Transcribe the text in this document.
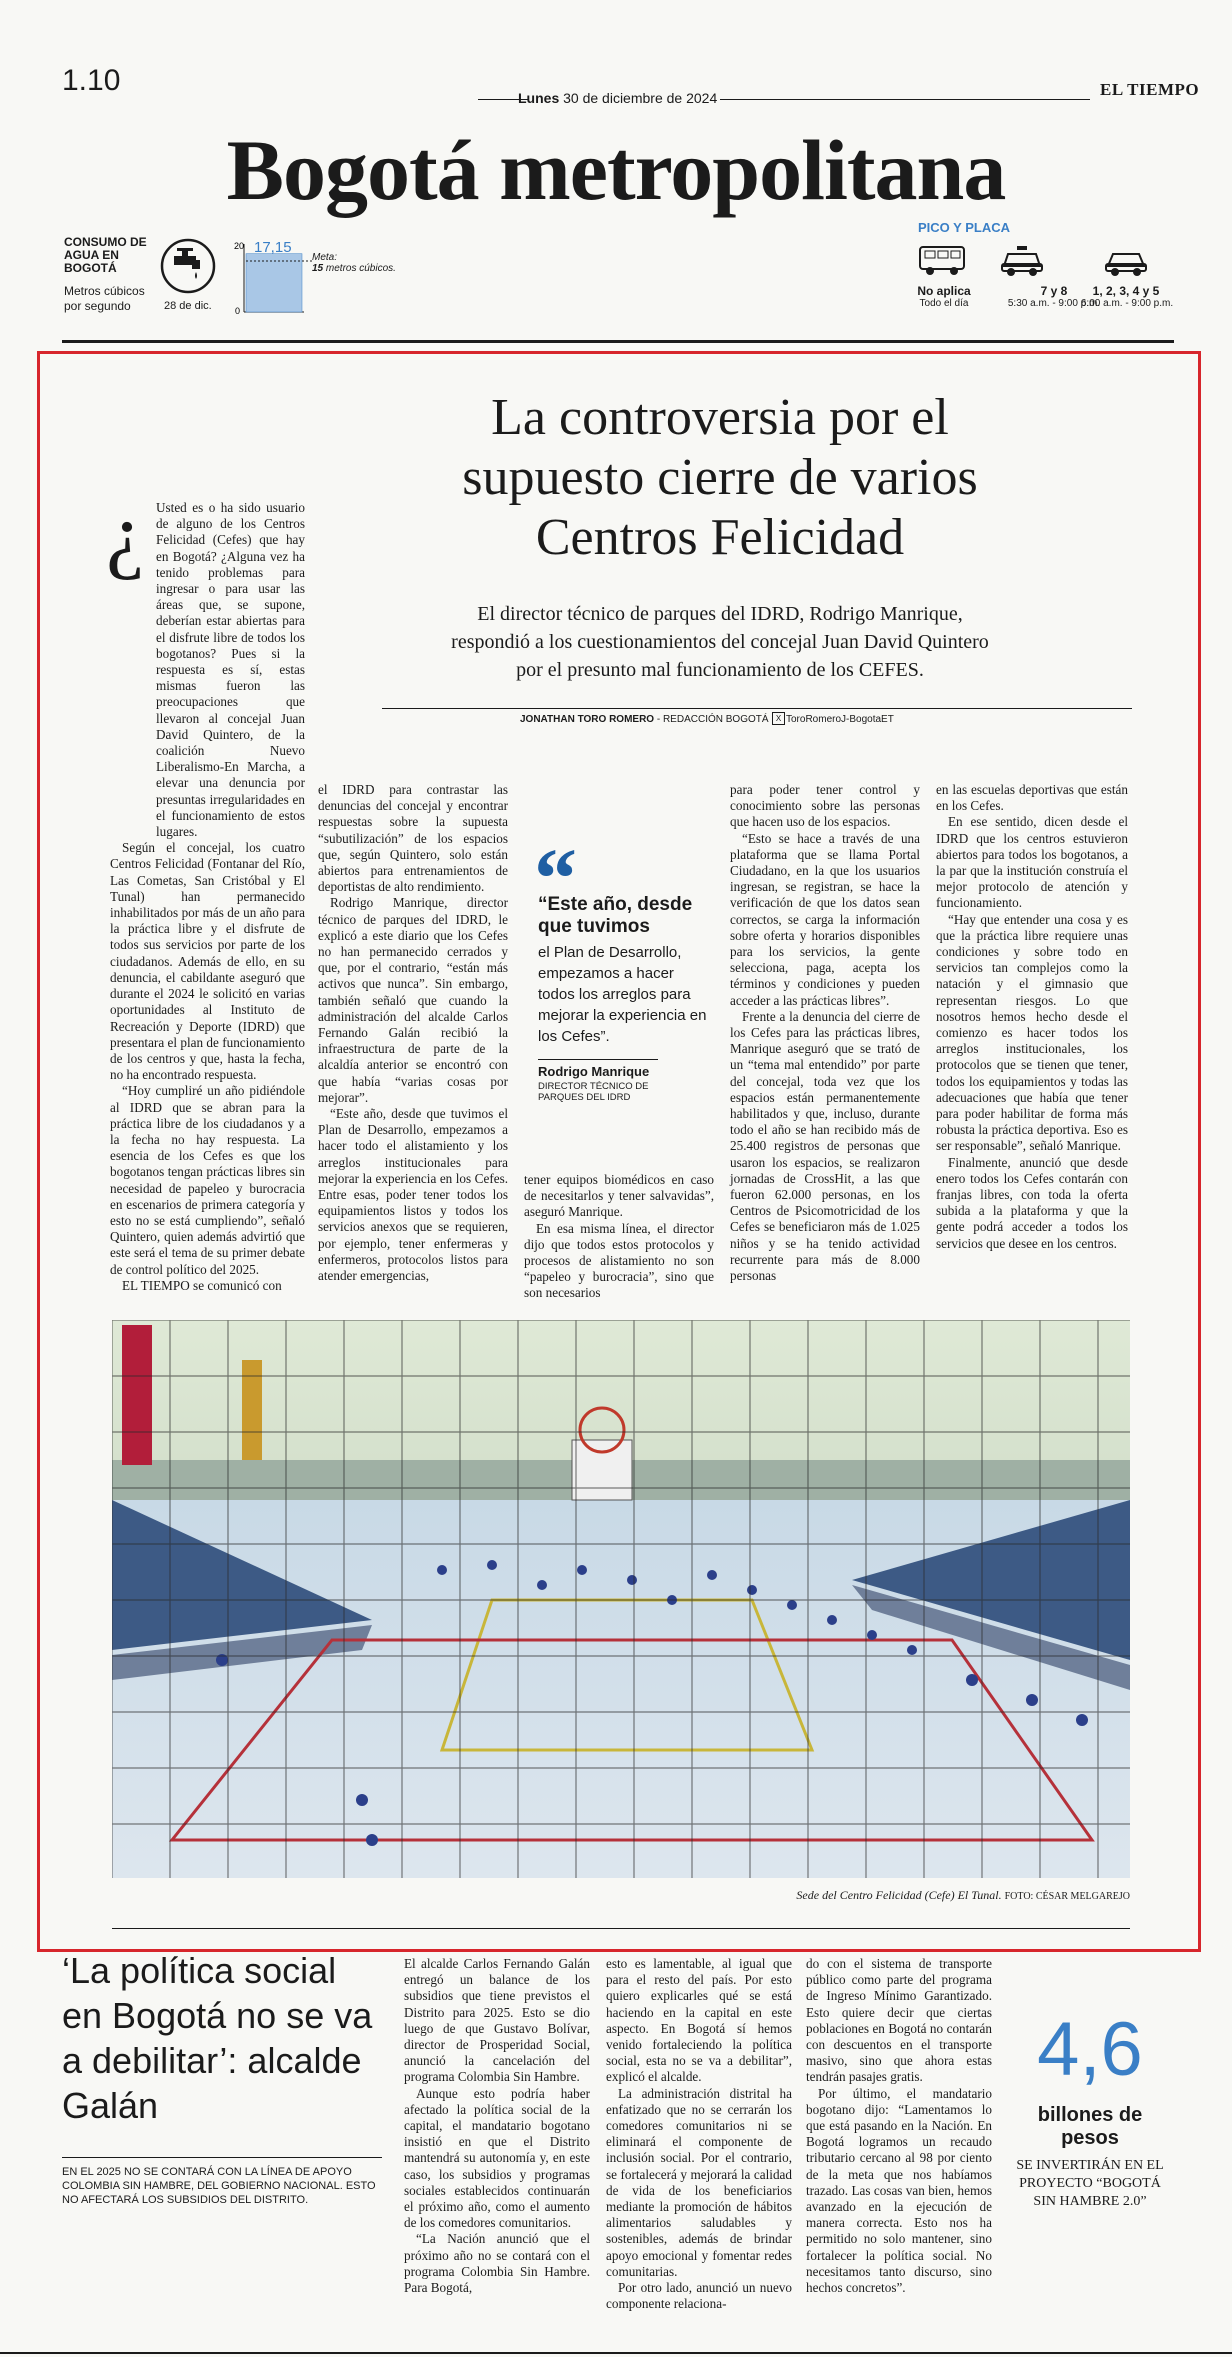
1.10
Lunes 30 de diciembre de 2024	EL TIEMPO
Bogotá metropolitana
CONSUMO DE AGUA EN BOGOTÁ
Metros cúbicos por segundo	28 de dic.
20
0
17,15
Meta:
15 metros cúbicos.
PICO Y PLACA
No aplica
Todo el día
7 y 8
5:30 a.m. - 9:00 p.m.
1, 2, 3, 4 y 5
6:00 a.m. - 9:00 p.m.
La controversia por el
supuesto cierre de varios
Centros Felicidad
El director técnico de parques del IDRD, Rodrigo Manrique,
respondió a los cuestionamientos del concejal Juan David Quintero
por el presunto mal funcionamiento de los CEFES.
JONATHAN TORO ROMERO - REDACCIÓN BOGOTÁ X ToroRomeroJ-BogotaET
¿ Usted es o ha sido usuario de alguno de los Centros Felicidad (Cefes) que hay en Bogotá? ¿Alguna vez ha tenido problemas para ingresar o para usar las áreas que, se supone, deberían estar abiertas para el disfrute libre de todos los bogotanos? Pues si la respuesta es sí, estas mismas fueron las preocupaciones que llevaron al concejal Juan David Quintero, de la coalición Nuevo Liberalismo-En Marcha, a elevar una denuncia por presuntas irregularidades en el funcionamiento de estos lugares.

Según el concejal, los cuatro Centros Felicidad (Fontanar del Río, Las Cometas, San Cristóbal y El Tunal) han permanecido inhabilitados por más de un año para la práctica libre y el disfrute de todos sus servicios por parte de los ciudadanos. Además de ello, en su denuncia, el cabildante aseguró que durante el 2024 le solicitó en varias oportunidades al Instituto de Recreación y Deporte (IDRD) que presentara el plan de funcionamiento de los centros y que, hasta la fecha, no ha encontrado respuesta.

“Hoy cumpliré un año pidiéndole al IDRD que se abran para la práctica libre de los ciudadanos y a la fecha no hay respuesta. La esencia de los Cefes es que los bogotanos tengan prácticas libres sin necesidad de papeleo y burocracia en escenarios de primera categoría y esto no se está cumpliendo”, señaló Quintero, quien además advirtió que este será el tema de su primer debate de control político del 2025.

EL TIEMPO se comunicó con

el IDRD para contrastar las denuncias del concejal y encontrar respuestas sobre la supuesta “subutilización” de los espacios que, según Quintero, solo están abiertos para entrenamientos de deportistas de alto rendimiento.

Rodrigo Manrique, director técnico de parques del IDRD, le explicó a este diario que los Cefes no han permanecido cerrados y que, por el contrario, “están más activos que nunca”. Sin embargo, también señaló que cuando la administración del alcalde Carlos Fernando Galán recibió la infraestructura de parte de la alcaldía anterior se encontró con que había “varias cosas por mejorar”.

“Este año, desde que tuvimos el Plan de Desarrollo, empezamos a hacer todo el alistamiento y los arreglos institucionales para mejorar la experiencia en los Cefes. Entre esas, poder tener todos los equipamientos listos y todos los servicios anexos que se requieren, por ejemplo, tener enfermeras y enfermeros, protocolos listos para atender emergencias,

“
“Este año, desde que tuvimos
el Plan de Desarrollo, empezamos a hacer todos los arreglos para mejorar la experiencia en los Cefes”.
Rodrigo Manrique
DIRECTOR TÉCNICO DE PARQUES DEL IDRD

tener equipos biomédicos en caso de necesitarlos y tener salvavidas”, aseguró Manrique.

En esa misma línea, el director dijo que todos estos protocolos y procesos de alistamiento no son “papeleo y burocracia”, sino que son necesarios

para poder tener control y conocimiento sobre las personas que hacen uso de los espacios.

“Esto se hace a través de una plataforma que se llama Portal Ciudadano, en la que los usuarios ingresan, se registran, se hace la verificación de que los datos sean correctos, se carga la información sobre oferta y horarios disponibles para los servicios, la gente selecciona, paga, acepta los términos y condiciones y pueden acceder a las prácticas libres”.

Frente a la denuncia del cierre de los Cefes para las prácticas libres, Manrique aseguró que se trató de un “tema mal entendido” por parte del concejal, toda vez que los espacios están permanentemente habilitados y que, incluso, durante todo el año se han recibido más de 25.400 registros de personas que usaron los espacios, se realizaron jornadas de CrossHit, a las que fueron 62.000 personas, en los Centros de Psicomotricidad de los Cefes se beneficiaron más de 1.025 niños y se ha tenido actividad recurrente para más de 8.000 personas

en las escuelas deportivas que están en los Cefes.

En ese sentido, dicen desde el IDRD que los centros estuvieron abiertos para todos los bogotanos, a la par que la institución construía el mejor protocolo de atención y funcionamiento.

“Hay que entender una cosa y es que la práctica libre requiere unas condiciones y sobre todo en servicios tan complejos como la natación y el gimnasio que representan riesgos. Lo que nosotros hemos hecho desde el comienzo es hacer todos los arreglos institucionales, los protocolos que se tienen que tener, todos los equipamientos y todas las adecuaciones que había que tener para poder habilitar de forma más robusta la práctica deportiva. Eso es ser responsable”, señaló Manrique.

Finalmente, anunció que desde enero todos los Cefes contarán con franjas libres, con toda la oferta subida a la plataforma y que la gente podrá acceder a todos los servicios que desee en los centros.

Sede del Centro Felicidad (Cefe) El Tunal. FOTO: CÉSAR MELGAREJO
‘La política social en Bogotá no se va a debilitar’: alcalde Galán
EN EL 2025 NO SE CONTARÁ CON LA LÍNEA DE APOYO COLOMBIA SIN HAMBRE, DEL GOBIERNO NACIONAL. ESTO NO AFECTARÁ LOS SUBSIDIOS DEL DISTRITO.

El alcalde Carlos Fernando Galán entregó un balance de los subsidios que tiene previstos el Distrito para 2025. Esto se dio luego de que Gustavo Bolívar, director de Prosperidad Social, anunció la cancelación del programa Colombia Sin Hambre.

Aunque esto podría haber afectado la política social de la capital, el mandatario bogotano insistió en que el Distrito mantendrá su autonomía y, en este caso, los subsidios y programas sociales establecidos continuarán el próximo año, como el aumento de los comedores comunitarios.

“La Nación anunció que el próximo año no se contará con el programa Colombia Sin Hambre. Para Bogotá,

esto es lamentable, al igual que para el resto del país. Por esto quiero explicarles qué se está haciendo en la capital en este aspecto. En Bogotá sí hemos venido fortaleciendo la política social, esta no se va a debilitar”, explicó el alcalde.

La administración distrital ha enfatizado que no se cerrarán los comedores comunitarios ni se eliminará el componente de inclusión social. Por el contrario, se fortalecerá y mejorará la calidad de vida de los beneficiarios mediante la promoción de hábitos alimentarios saludables y sostenibles, además de brindar apoyo emocional y fomentar redes comunitarias.

Por otro lado, anunció un nuevo componente relaciona-

do con el sistema de transporte público como parte del programa de Ingreso Mínimo Garantizado. Esto quiere decir que ciertas poblaciones en Bogotá no contarán con descuentos en el transporte masivo, sino que ahora estas tendrán pasajes gratis.

Por último, el mandatario bogotano dijo: “Lamentamos lo que está pasando en la Nación. En Bogotá logramos un recaudo tributario cercano al 98 por ciento de la meta que nos habíamos trazado. Las cosas van bien, hemos avanzado en la ejecución de manera correcta. Esto nos ha permitido no solo mantener, sino fortalecer la política social. No necesitamos tanto discurso, sino hechos concretos”.

4,6
billones de pesos
SE INVERTIRÁN EN EL PROYECTO “BOGOTÁ SIN HAMBRE 2.0”
